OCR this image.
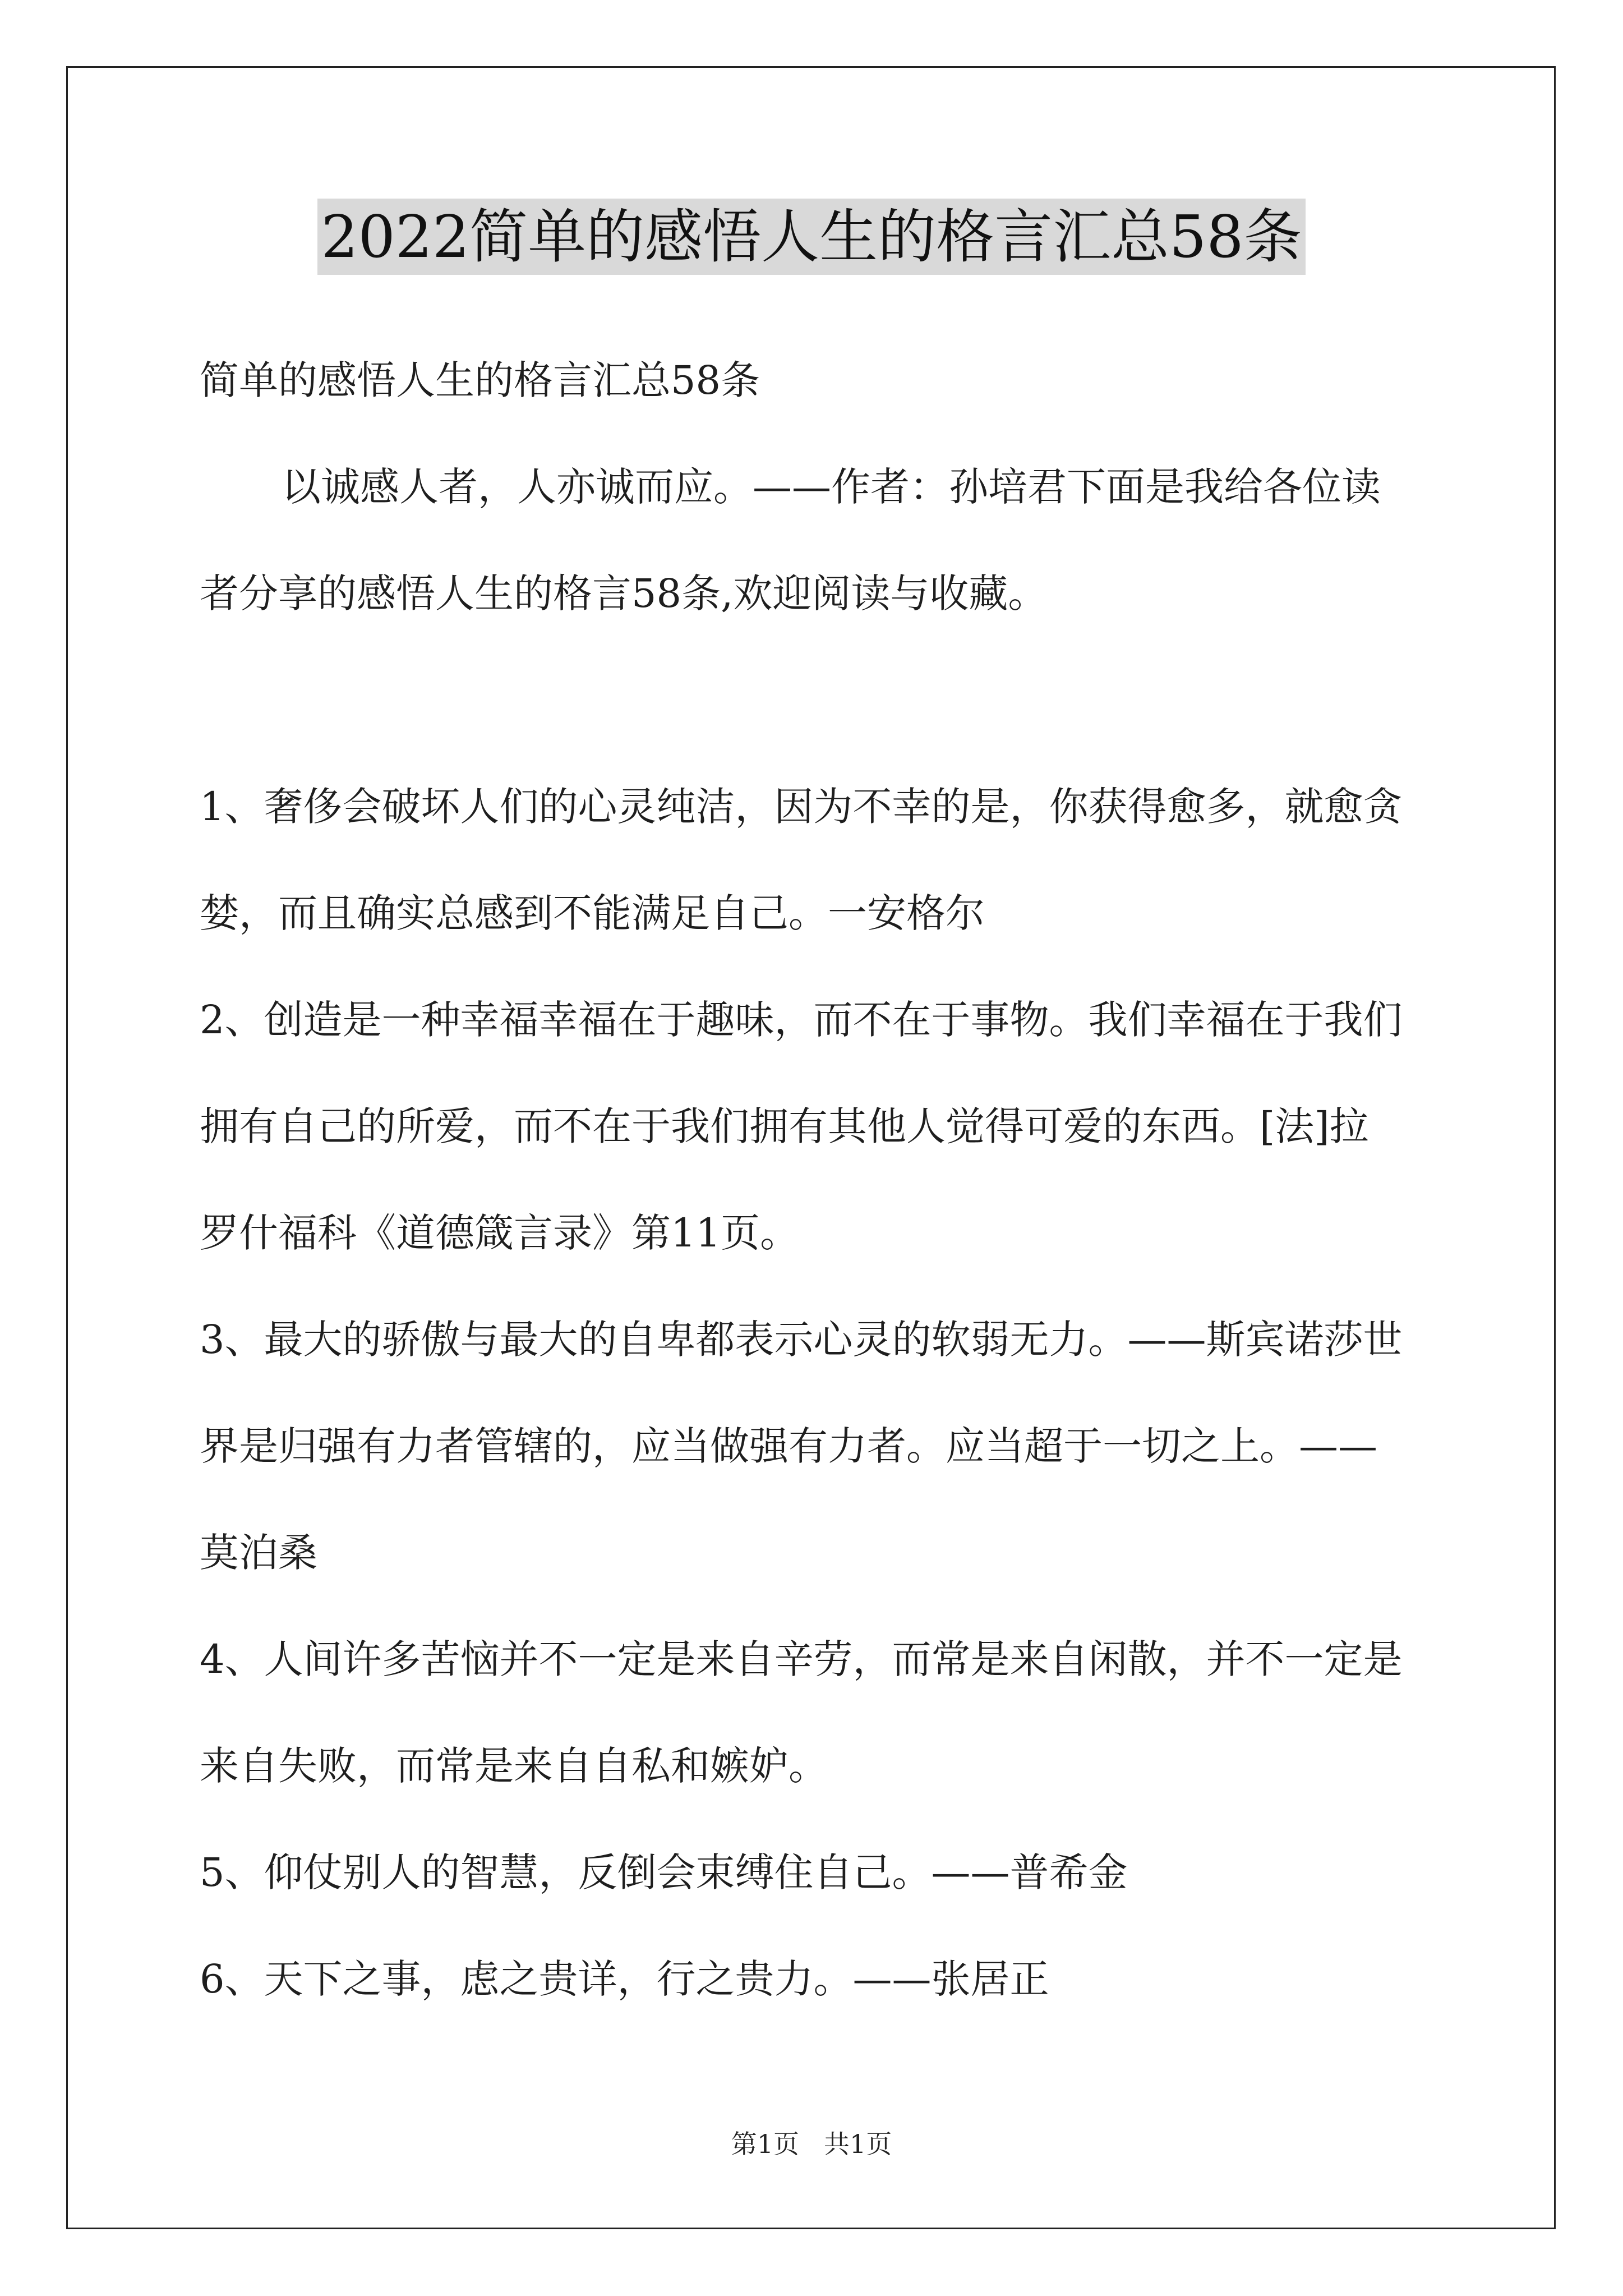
2022简单的感悟人生的格言汇总58条
简单的感悟人生的格言汇总58条
以诚感人者，人亦诚而应。——作者：孙培君下面是我给各位读
者分享的感悟人生的格言58条,欢迎阅读与收藏。
1、奢侈会破坏人们的心灵纯洁，因为不幸的是，你获得愈多，就愈贪
婪，而且确实总感到不能满足自己。一安格尔
2、创造是一种幸福幸福在于趣味，而不在于事物。我们幸福在于我们
拥有自己的所爱，而不在于我们拥有其他人觉得可爱的东西。[法]拉
罗什福科《道德箴言录》第11页。
3、最大的骄傲与最大的自卑都表示心灵的软弱无力。——斯宾诺莎世
界是归强有力者管辖的，应当做强有力者。应当超于一切之上。——
莫泊桑
4、人间许多苦恼并不一定是来自辛劳，而常是来自闲散，并不一定是
来自失败，而常是来自自私和嫉妒。
5、仰仗别人的智慧，反倒会束缚住自己。——普希金
6、天下之事，虑之贵详，行之贵力。——张居正
第1页 共1页
